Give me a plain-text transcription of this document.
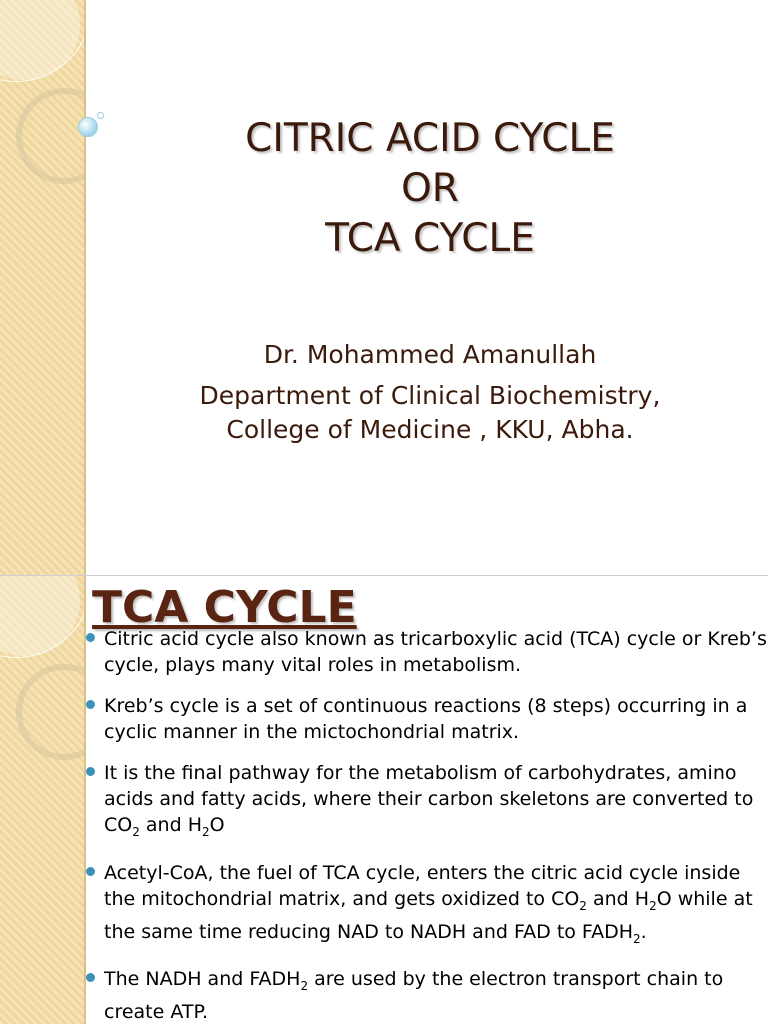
CITRIC ACID CYCLE
OR
TCA CYCLE
Dr. Mohammed Amanullah
Department of Clinical Biochemistry,
College of Medicine , KKU, Abha.
TCA CYCLE
Citric acid cycle also known as tricarboxylic acid (TCA) cycle or Kreb’s cycle, plays many vital roles in metabolism.
Kreb’s cycle is a set of continuous reactions (8 steps) occurring in a cyclic manner in the mictochondrial matrix.
It is the final pathway for the metabolism of carbohydrates, amino acids and fatty acids, where their carbon skeletons are converted to $CO_2$ and $H_2O$
Acetyl-CoA, the fuel of TCA cycle, enters the citric acid cycle inside the mitochondrial matrix, and gets oxidized to $CO_2$ and $H_2O$ while at the same time reducing NAD to NADH and FAD to $FADH_2$.
The NADH and $FADH_2$ are used by the electron transport chain to create ATP.
